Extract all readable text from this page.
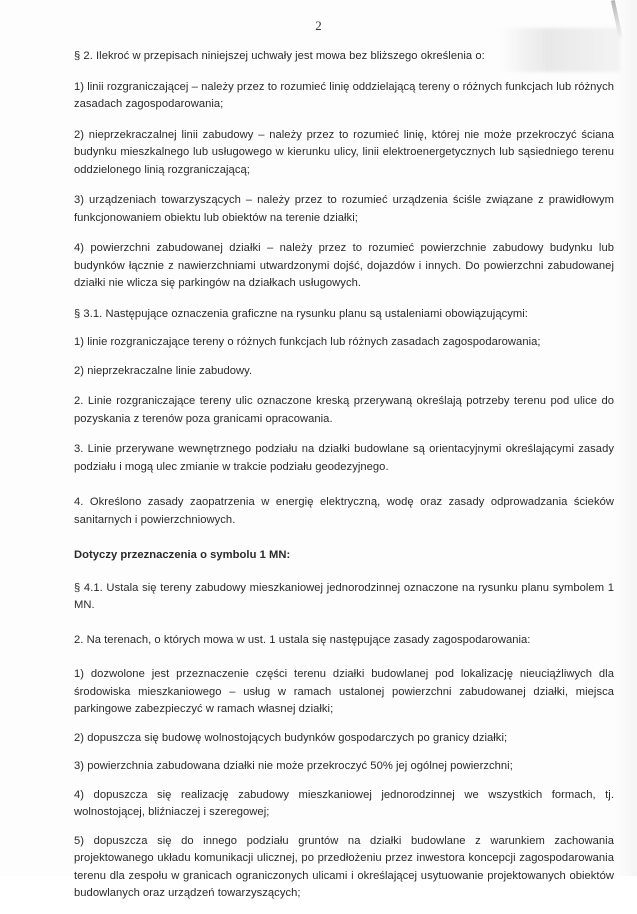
2

§ 2. Ilekroć w przepisach niniejszej uchwały jest mowa bez bliższego określenia o:

1) linii rozgraniczającej – należy przez to rozumieć linię oddzielającą tereny o różnych funkcjach lub różnych zasadach zagospodarowania;

2) nieprzekraczalnej linii zabudowy – należy przez to rozumieć linię, której nie może przekroczyć ściana budynku mieszkalnego lub usługowego w kierunku ulicy, linii elektroenergetycznych lub sąsiedniego terenu oddzielonego linią rozgraniczającą;

3) urządzeniach towarzyszących – należy przez to rozumieć urządzenia ściśle związane z prawidłowym funkcjonowaniem obiektu lub obiektów na terenie działki;

4) powierzchni zabudowanej działki – należy przez to rozumieć powierzchnie zabudowy budynku lub budynków łącznie z nawierzchniami utwardzonymi dojść, dojazdów i innych. Do powierzchni zabudowanej działki nie wlicza się parkingów na działkach usługowych.

§ 3.1. Następujące oznaczenia graficzne na rysunku planu są ustaleniami obowiązującymi:

1) linie rozgraniczające tereny o różnych funkcjach lub różnych zasadach zagospodarowania;

2) nieprzekraczalne linie zabudowy.

2. Linie rozgraniczające tereny ulic oznaczone kreską przerywaną określają potrzeby terenu pod ulice do pozyskania z terenów poza granicami opracowania.

3. Linie przerywane wewnętrznego podziału na działki budowlane są orientacyjnymi określającymi zasady podziału i mogą ulec zmianie w trakcie podziału geodezyjnego.

4. Określono zasady zaopatrzenia w energię elektryczną, wodę oraz zasady odprowadzania ścieków sanitarnych i powierzchniowych.

Dotyczy przeznaczenia o symbolu 1 MN:

§ 4.1. Ustala się tereny zabudowy mieszkaniowej jednorodzinnej oznaczone na rysunku planu symbolem 1 MN.

2. Na terenach, o których mowa w ust. 1 ustala się następujące zasady zagospodarowania:

1) dozwolone jest przeznaczenie części terenu działki budowlanej pod lokalizację nieuciążliwych dla środowiska mieszkaniowego – usług w ramach ustalonej powierzchni zabudowanej działki, miejsca parkingowe zabezpieczyć w ramach własnej działki;

2) dopuszcza się budowę wolnostojących budynków gospodarczych po granicy działki;

3) powierzchnia zabudowana działki nie może przekroczyć 50% jej ogólnej powierzchni;

4) dopuszcza się realizację zabudowy mieszkaniowej jednorodzinnej we wszystkich formach, tj. wolnostojącej, bliźniaczej i szeregowej;

5) dopuszcza się do innego podziału gruntów na działki budowlane z warunkiem zachowania projektowanego układu komunikacji ulicznej, po przedłożeniu przez inwestora koncepcji zagospodarowania terenu dla zespołu w granicach ograniczonych ulicami i określającej usytuowanie projektowanych obiektów budowlanych oraz urządzeń towarzyszących;
